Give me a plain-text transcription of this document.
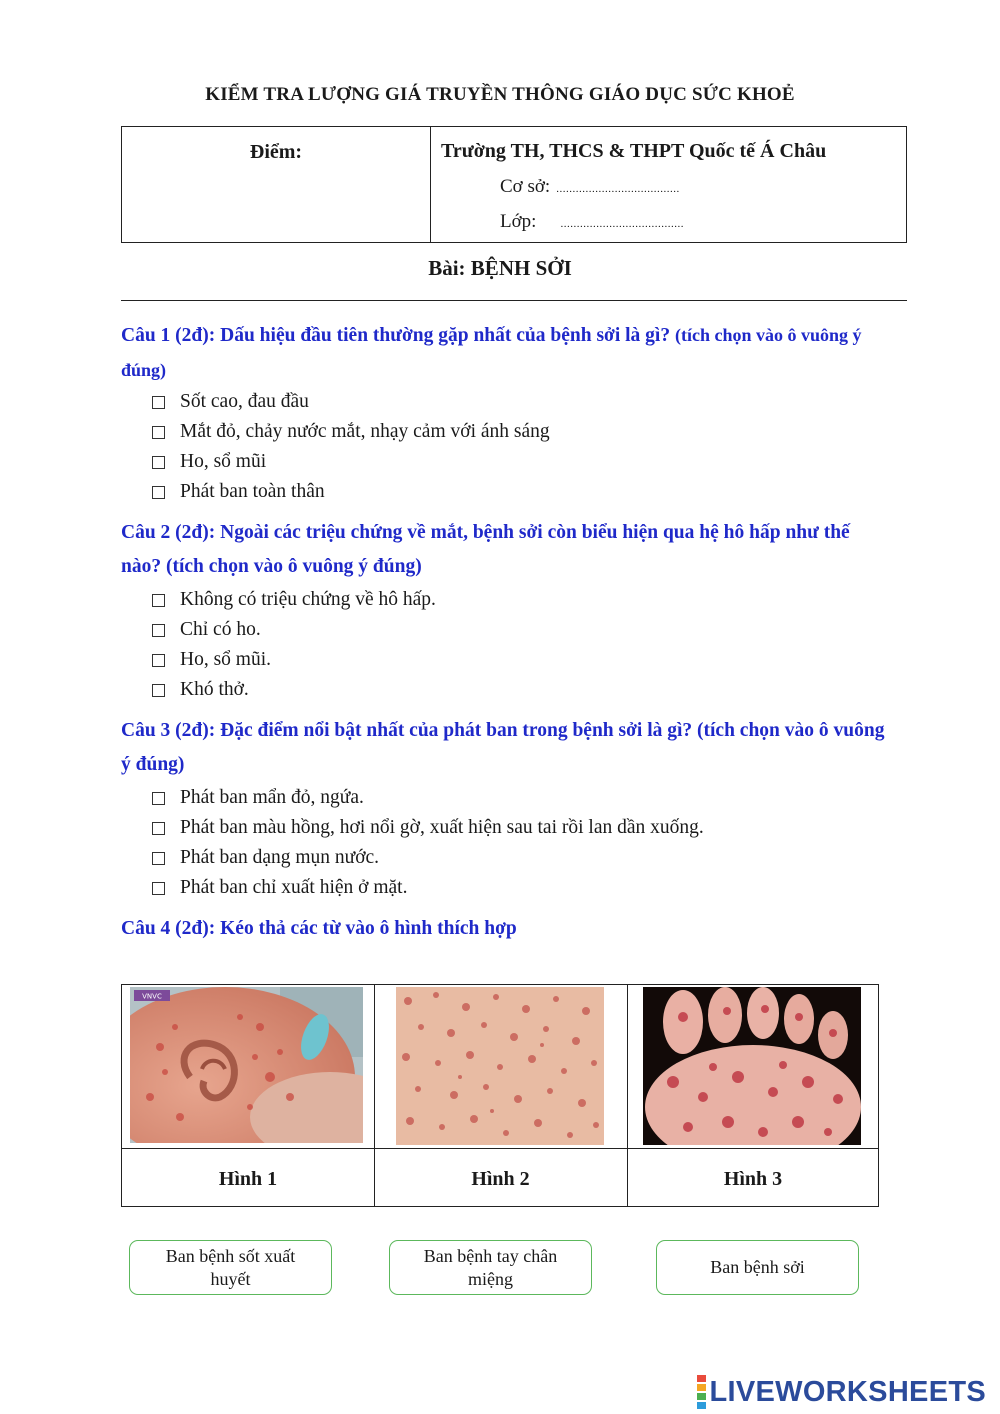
KIỂM TRA LƯỢNG GIÁ TRUYỀN THÔNG GIÁO DỤC SỨC KHOẺ
Điểm:	Trường TH, THCS & THPT Quốc tế Á Châu
Cơ sở: ......................................
Lớp: ......................................
Bài: BỆNH SỞI
Câu 1 (2đ): Dấu hiệu đầu tiên thường gặp nhất của bệnh sởi là gì? (tích chọn vào ô vuông ý đúng)
Sốt cao, đau đầu
Mắt đỏ, chảy nước mắt, nhạy cảm với ánh sáng
Ho, sổ mũi
Phát ban toàn thân
Câu 2 (2đ): Ngoài các triệu chứng về mắt, bệnh sởi còn biểu hiện qua hệ hô hấp như thế nào? (tích chọn vào ô vuông ý đúng)
Không có triệu chứng về hô hấp.
Chỉ có ho.
Ho, sổ mũi.
Khó thở.
Câu 3 (2đ): Đặc điểm nổi bật nhất của phát ban trong bệnh sởi là gì? (tích chọn vào ô vuông ý đúng)
Phát ban mẩn đỏ, ngứa.
Phát ban màu hồng, hơi nổi gờ, xuất hiện sau tai rồi lan dần xuống.
Phát ban dạng mụn nước.
Phát ban chỉ xuất hiện ở mặt.
Câu 4 (2đ): Kéo thả các từ vào ô hình thích hợp
VNVC
Hình 1	Hình 2	Hình 3
Ban bệnh sốt xuất huyết
Ban bệnh tay chân miệng
Ban bệnh sởi
LIVEWORKSHEETS
